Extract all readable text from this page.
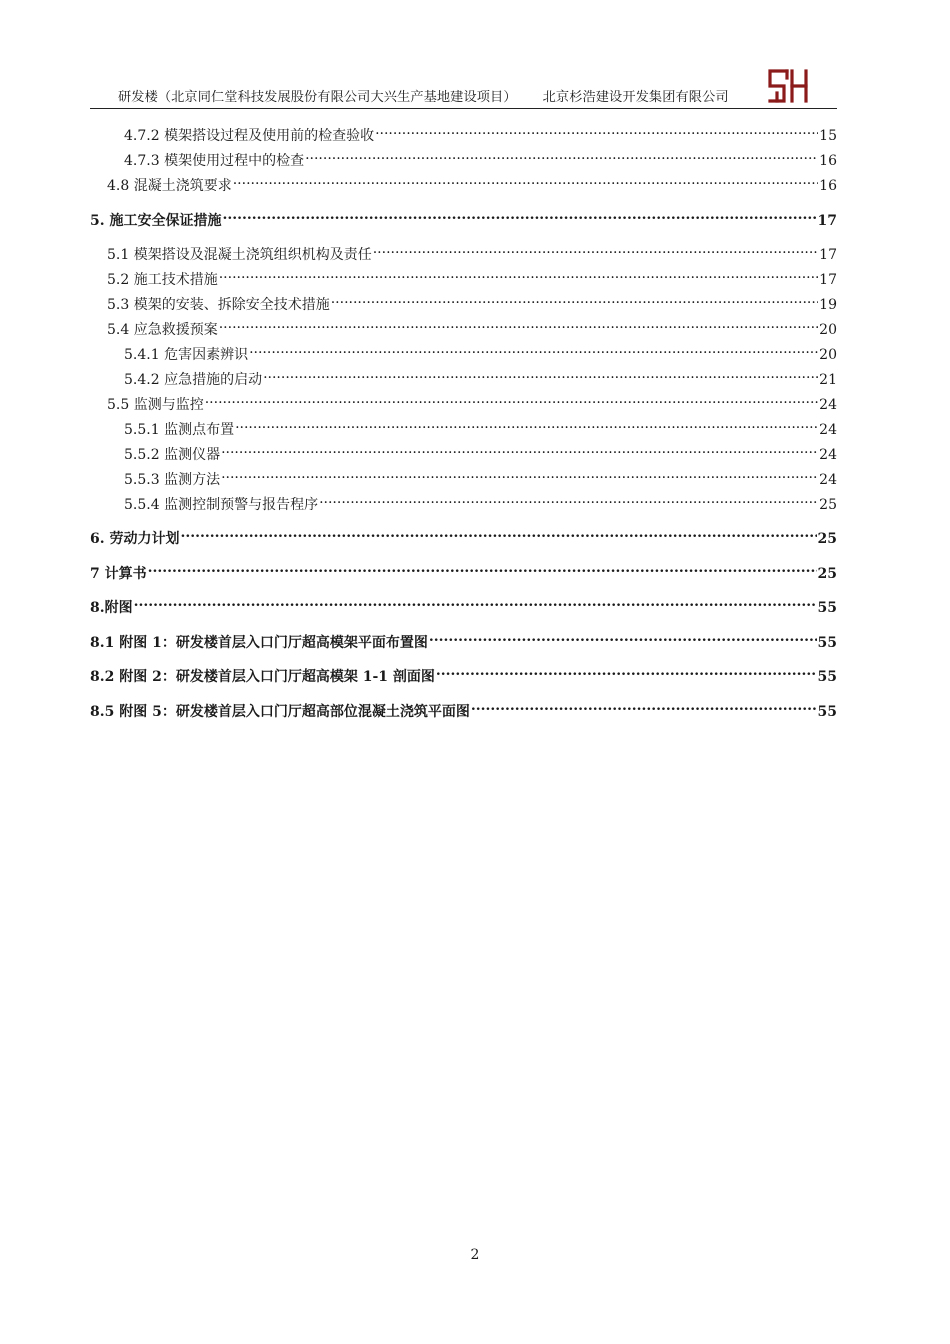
研发楼（北京同仁堂科技发展股份有限公司大兴生产基地建设项目） 北京杉浩建设开发集团有限公司
4.7.2 模架搭设过程及使用前的检查验收 .....	15
4.7.3 模架使用过程中的检查 .....	16
4.8 混凝土浇筑要求 .....	16
5. 施工安全保证措施 .....	17
5.1 模架搭设及混凝土浇筑组织机构及责任 .....	17
5.2 施工技术措施 .....	17
5.3 模架的安装、拆除安全技术措施 .....	19
5.4 应急救援预案 .....	20
5.4.1 危害因素辨识 .....	20
5.4.2 应急措施的启动 .....	21
5.5 监测与监控 .....	24
5.5.1 监测点布置 .....	24
5.5.2 监测仪器 .....	24
5.5.3 监测方法 .....	24
5.5.4 监测控制预警与报告程序 .....	25
6. 劳动力计划 .....	25
7 计算书 .....	25
8.附图 .....	55
8.1 附图 1：研发楼首层入口门厅超高模架平面布置图 .....	55
8.2 附图 2：研发楼首层入口门厅超高模架 1-1 剖面图 .....	55
8.5 附图 5：研发楼首层入口门厅超高部位混凝土浇筑平面图 .....	55
2
